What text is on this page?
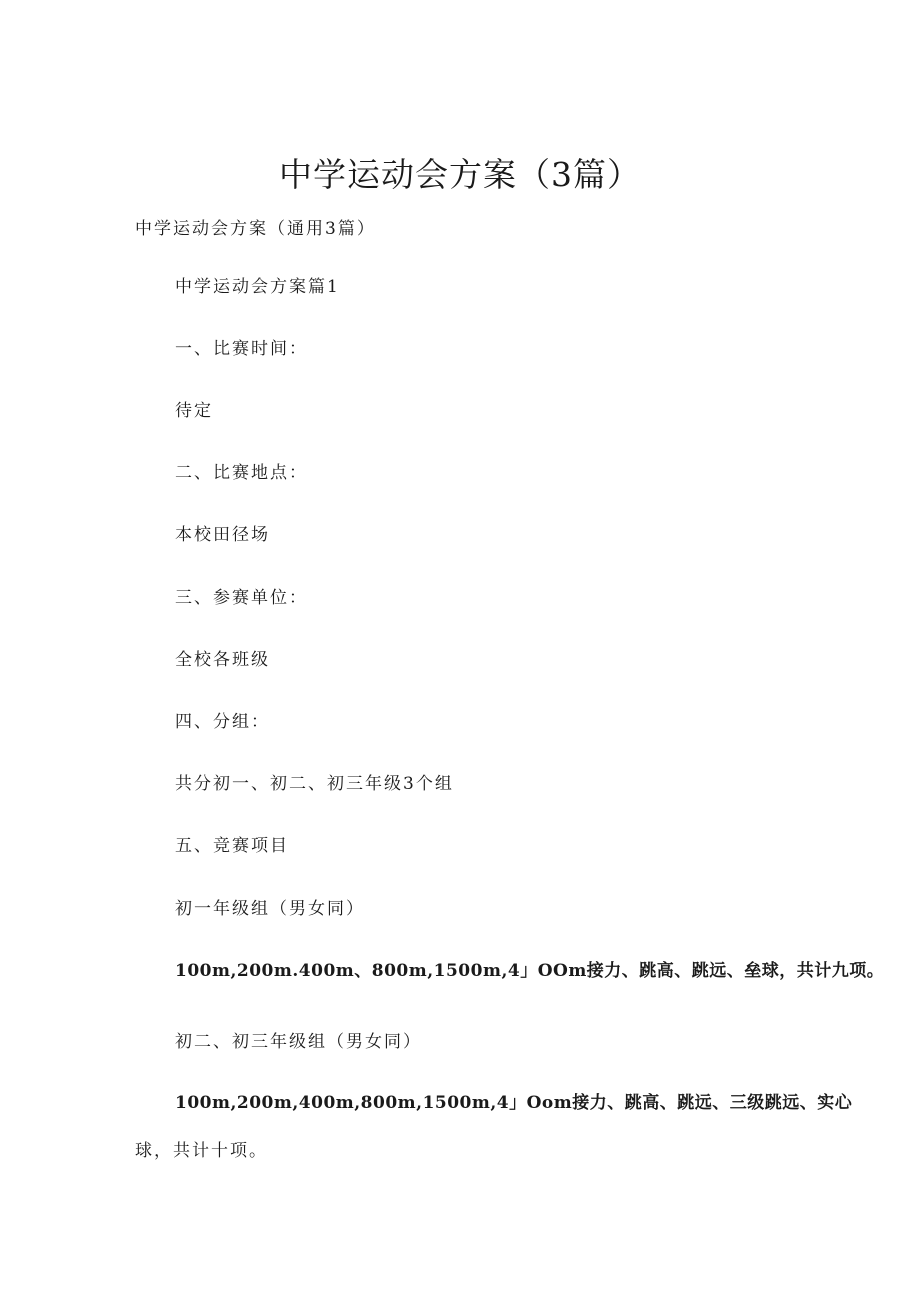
中学运动会方案（3篇）

中学运动会方案（通用3篇）

中学运动会方案篇1

一、比赛时间：

待定

二、比赛地点：

本校田径场

三、参赛单位：

全校各班级

四、分组：

共分初一、初二、初三年级3个组

五、竞赛项目

初一年级组（男女同）

100m,200m.400m、800m,1500m,4」OOm接力、跳高、跳远、垒球，共计九项。

初二、初三年级组（男女同）

100m,200m,400m,800m,1500m,4」Oom接力、跳高、跳远、三级跳远、实心

球，共计十项。
